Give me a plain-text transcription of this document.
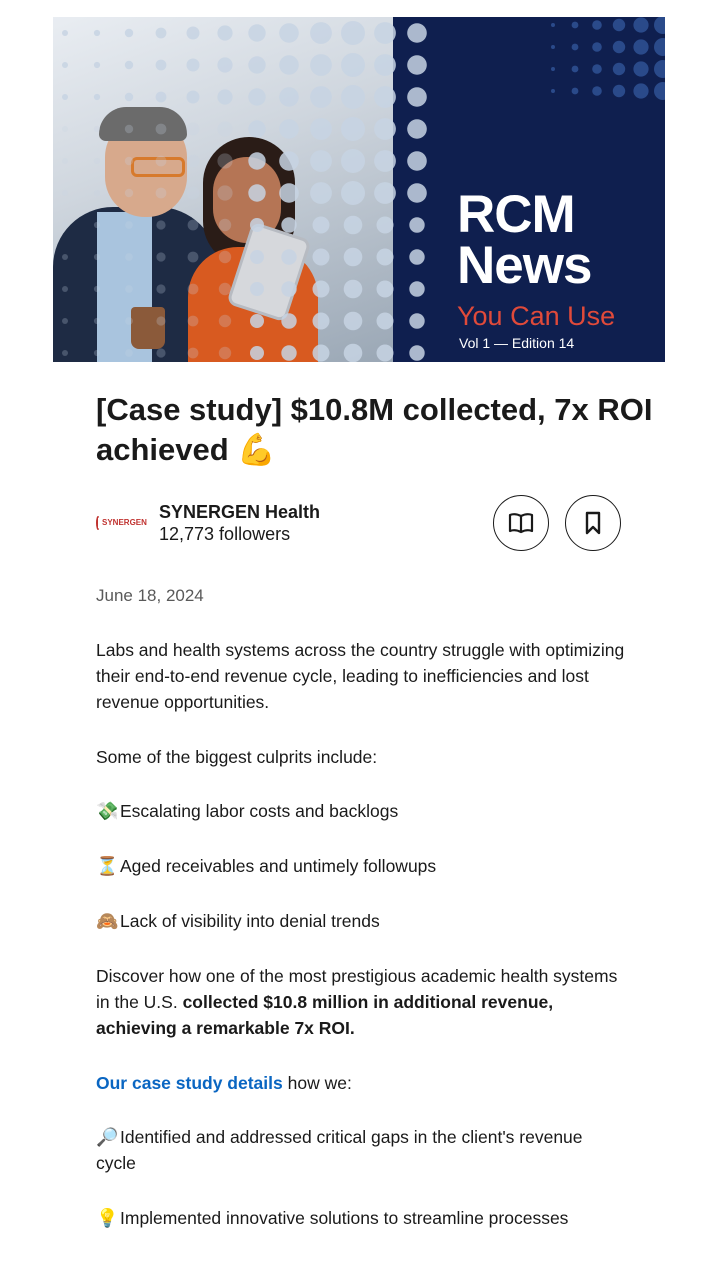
RCM News
You Can Use
Vol 1 — Edition 14
[Case study] $10.8M collected, 7x ROI achieved 💪
SYNERGEN
SYNERGEN Health
12,773 followers
June 18, 2024

Labs and health systems across the country struggle with optimizing their end-to-end revenue cycle, leading to inefficiencies and lost revenue opportunities.

Some of the biggest culprits include:

💸Escalating labor costs and backlogs

⏳Aged receivables and untimely followups

🙈Lack of visibility into denial trends

Discover how one of the most prestigious academic health systems in the U.S. collected $10.8 million in additional revenue, achieving a remarkable 7x ROI.

Our case study details how we:

🔎Identified and addressed critical gaps in the client's revenue cycle

💡Implemented innovative solutions to streamline processes
